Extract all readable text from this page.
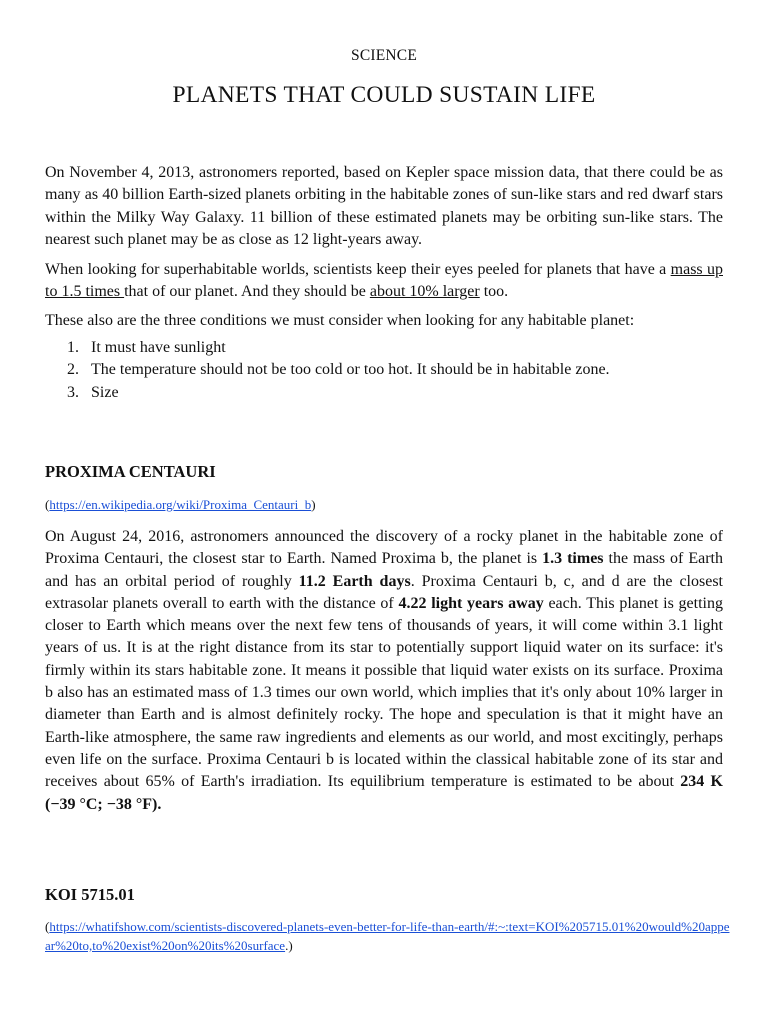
SCIENCE
PLANETS THAT COULD SUSTAIN LIFE

On November 4, 2013, astronomers reported, based on Kepler space mission data, that there could be as many as 40 billion Earth-sized planets orbiting in the habitable zones of sun-like stars and red dwarf stars within the Milky Way Galaxy. 11 billion of these estimated planets may be orbiting sun-like stars. The nearest such planet may be as close as 12 light-years away.

When looking for superhabitable worlds, scientists keep their eyes peeled for planets that have a mass up to 1.5 times that of our planet. And they should be about 10% larger too.

These also are the three conditions we must consider when looking for any habitable planet:

1. It must have sunlight
2. The temperature should not be too cold or too hot. It should be in habitable zone.
3. Size
PROXIMA CENTAURI
(https://en.wikipedia.org/wiki/Proxima_Centauri_b)
On August 24, 2016, astronomers announced the discovery of a rocky planet in the habitable zone of Proxima Centauri, the closest star to Earth. Named Proxima b, the planet is 1.3 times the mass of Earth and has an orbital period of roughly 11.2 Earth days. Proxima Centauri b, c, and d are the closest extrasolar planets overall to earth with the distance of 4.22 light years away each. This planet is getting closer to Earth which means over the next few tens of thousands of years, it will come within 3.1 light years of us. It is at the right distance from its star to potentially support liquid water on its surface: it's firmly within its stars habitable zone. It means it possible that liquid water exists on its surface. Proxima b also has an estimated mass of 1.3 times our own world, which implies that it's only about 10% larger in diameter than Earth and is almost definitely rocky. The hope and speculation is that it might have an Earth-like atmosphere, the same raw ingredients and elements as our world, and most excitingly, perhaps even life on the surface. Proxima Centauri b is located within the classical habitable zone of its star and receives about 65% of Earth's irradiation. Its equilibrium temperature is estimated to be about 234 K (−39 °C; −38 °F).
KOI 5715.01
(https://whatifshow.com/scientists-discovered-planets-even-better-for-life-than-earth/#:~:text=KOI%205715.01%20would%20appear%20to,to%20exist%20on%20its%20surface.)
